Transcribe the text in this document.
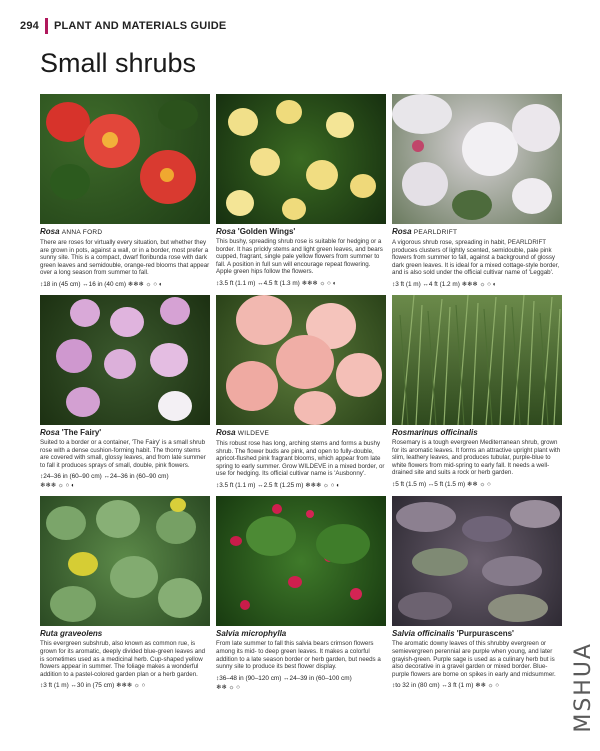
294 PLANT AND MATERIALS GUIDE
Small shrubs
Rosa ANNA FORD
There are roses for virtually every situation, but whether they are grown in pots, against a wall, or in a border, most prefer a sunny site. This is a compact, dwarf floribunda rose with dark green leaves and semidouble, orange-red blooms that appear over a long season from summer to fall.
↕18 in (45 cm) ↔16 in (40 cm) ❄❄❄ ☼ ○ ◐
Rosa 'Golden Wings'
This bushy, spreading shrub rose is suitable for hedging or a border. It has prickly stems and light green leaves, and bears cupped, fragrant, single pale yellow flowers from summer to fall. A position in full sun will encourage repeat flowering. Apple green hips follow the flowers.
↕3.5 ft (1.1 m) ↔4.5 ft (1.3 m) ❄❄❄ ☼ ○ ◐
Rosa PEARLDRIFT
A vigorous shrub rose, spreading in habit, PEARLDRIFT produces clusters of lightly scented, semidouble, pale pink flowers from summer to fall, against a background of glossy dark green leaves. It is ideal for a mixed cottage-style border, and is also sold under the official cultivar name of 'Leggab'.
↕3 ft (1 m) ↔4 ft (1.2 m) ❄❄❄ ☼ ○ ◐
Rosa 'The Fairy'
Suited to a border or a container, 'The Fairy' is a small shrub rose with a dense cushion-forming habit. The thorny stems are covered with small, glossy leaves, and from late summer to fall it produces sprays of small, double, pink flowers.
↕24–36 in (60–90 cm) ↔24–36 in (60–90 cm)
❄❄❄ ☼ ○ ◐
Rosa WILDEVE
This robust rose has long, arching stems and forms a bushy shrub. The flower buds are pink, and open to fully-double, apricot-flushed pink fragrant blooms, which appear from late spring to early summer. Grow WILDEVE in a mixed border, or use for hedging. Its official cultivar name is 'Ausbonny'.
↕3.5 ft (1.1 m) ↔2.5 ft (1.25 m) ❄❄❄ ☼ ○ ◐
Rosmarinus officinalis
Rosemary is a tough evergreen Mediterranean shrub, grown for its aromatic leaves. It forms an attractive upright plant with slim, leathery leaves, and produces tubular, purple-blue to white flowers from mid-spring to early fall. It needs a well-drained site and suits a rock or herb garden.
↕5 ft (1.5 m) ↔5 ft (1.5 m) ❄❄ ☼ ○
Ruta graveolens
This evergreen subshrub, also known as common rue, is grown for its aromatic, deeply divided blue-green leaves and is sometimes used as a medicinal herb. Cup-shaped yellow flowers appear in summer. The foliage makes a wonderful addition to a pastel-colored garden plan or a herb garden.
↕3 ft (1 m) ↔30 in (75 cm) ❄❄❄ ☼ ○
Salvia microphylla
From late summer to fall this salvia bears crimson flowers among its mid- to deep green leaves. It makes a colorful addition to a late season border or herb garden, but needs a sunny site to produce its best flower display.
↕36–48 in (90–120 cm) ↔24–39 in (60–100 cm)
❄❄ ☼ ○
Salvia officinalis 'Purpurascens'
The aromatic downy leaves of this shrubby evergreen or semievergreen perennial are purple when young, and later grayish-green. Purple sage is used as a culinary herb but is also decorative in a gravel garden or mixed border. Blue-purple flowers are borne on spikes in early and midsummer.
↕to 32 in (80 cm) ↔3 ft (1 m) ❄❄ ☼ ○	MSHUA
